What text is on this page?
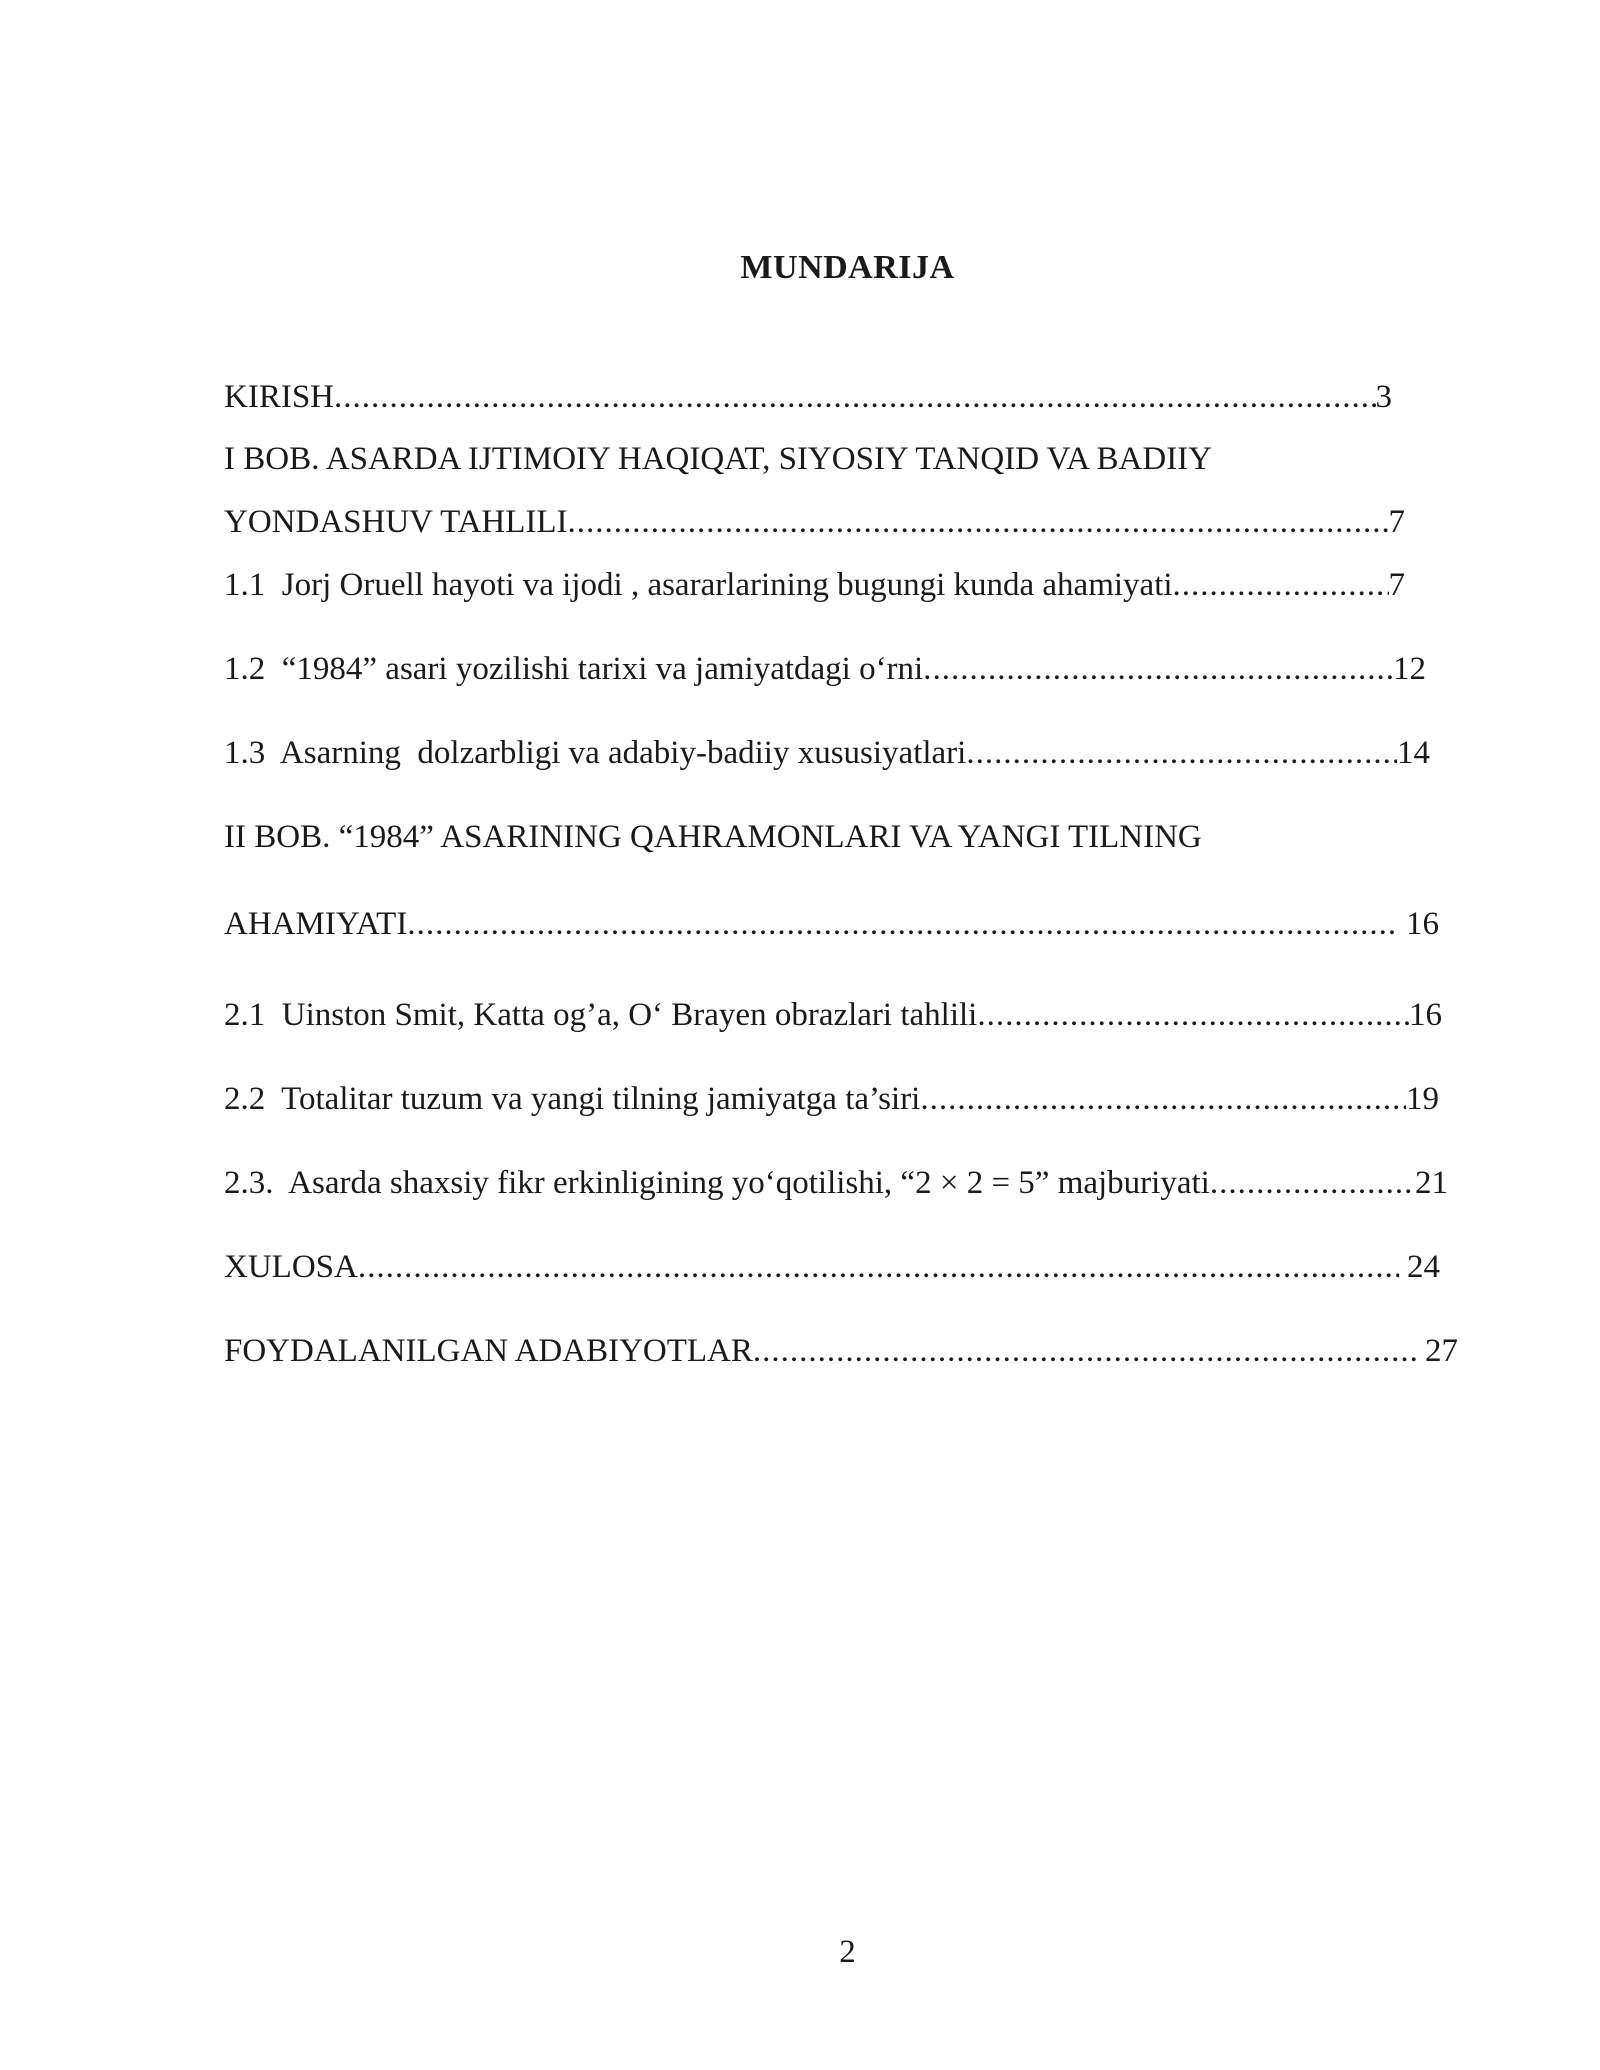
MUNDARIJA
KIRISH .....	3
I BOB. ASARDA IJTIMOIY HAQIQAT, SIYOSIY TANQID VA BADIIY
YONDASHUV TAHLILI .....	7
1.1  Jorj Oruell hayoti va ijodi , asararlarining bugungi kunda ahamiyati .....	7
1.2  “1984” asari yozilishi tarixi va jamiyatdagi o‘rni .....	12
1.3  Asarning  dolzarbligi va adabiy-badiiy xususiyatlari .....	14
II BOB. “1984” ASARINING QAHRAMONLARI VA YANGI TILNING
AHAMIYATI .....	16
2.1  Uinston Smit, Katta og’a, O‘ Brayen obrazlari tahlili .....	16
2.2  Totalitar tuzum va yangi tilning jamiyatga ta’siri .....	19
2.3.  Asarda shaxsiy fikr erkinligining yo‘qotilishi, “2 × 2 = 5” majburiyati .....	21
XULOSA .....	24
FOYDALANILGAN ADABIYOTLAR .....	27
2
